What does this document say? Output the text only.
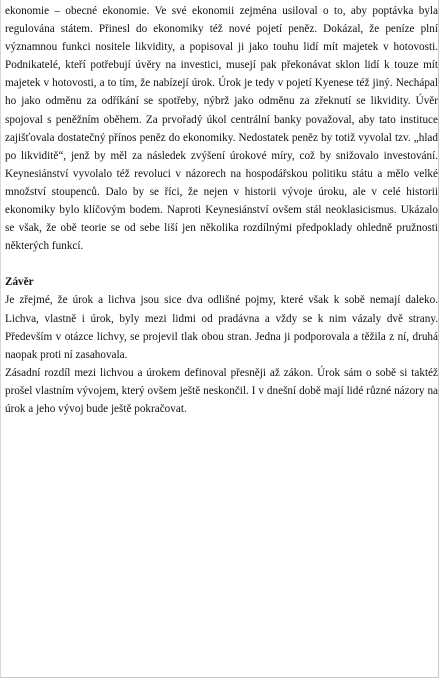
ekonomie – obecné ekonomie. Ve své ekonomii zejména usiloval o to, aby poptávka byla regulována státem. Přinesl do ekonomiky též nové pojetí peněz. Dokázal, že peníze plní významnou funkci nositele likvidity, a popisoval ji jako touhu lidí mít majetek v hotovosti. Podnikatelé, kteří potřebují úvěry na investici, musejí pak překonávat sklon lidí k touze mít majetek v hotovosti, a to tím, že nabízejí úrok. Úrok je tedy v pojetí Kyenese též jiný. Nechápal ho jako odměnu za odříkání se spotřeby, nýbrž jako odměnu za zřeknutí se likvidity. Úvěr spojoval s peněžním oběhem. Za prvořadý úkol centrální banky považoval, aby tato instituce zajišťovala dostatečný přínos peněz do ekonomiky. Nedostatek peněz by totiž vyvolal tzv. „hlad po likviditě“, jenž by měl za následek zvýšení úrokové míry, což by snižovalo investování. Keynesiánství vyvolalo též revoluci v názorech na hospodářskou politiku státu a mělo velké množství stoupenců. Dalo by se říci, že nejen v historii vývoje úroku, ale v celé historii ekonomiky bylo klíčovým bodem. Naproti Keynesiánství ovšem stál neoklasicismus. Ukázalo se však, že obě teorie se od sebe liší jen několika rozdílnými předpoklady ohledně pružnosti některých funkcí.

Závěr

Je zřejmé, že úrok a lichva jsou sice dva odlišné pojmy, které však k sobě nemají daleko. Lichva, vlastně i úrok, byly mezi lidmi od pradávna a vždy se k nim vázaly dvě strany. Především v otázce lichvy, se projevil tlak obou stran. Jedna ji podporovala a těžila z ní, druhá naopak proti ní zasahovala.

Zásadní rozdíl mezi lichvou a úrokem definoval přesněji až zákon. Úrok sám o sobě si taktéž prošel vlastním vývojem, který ovšem ještě neskončil. I v dnešní době mají lidé různé názory na úrok a jeho vývoj bude ještě pokračovat.
